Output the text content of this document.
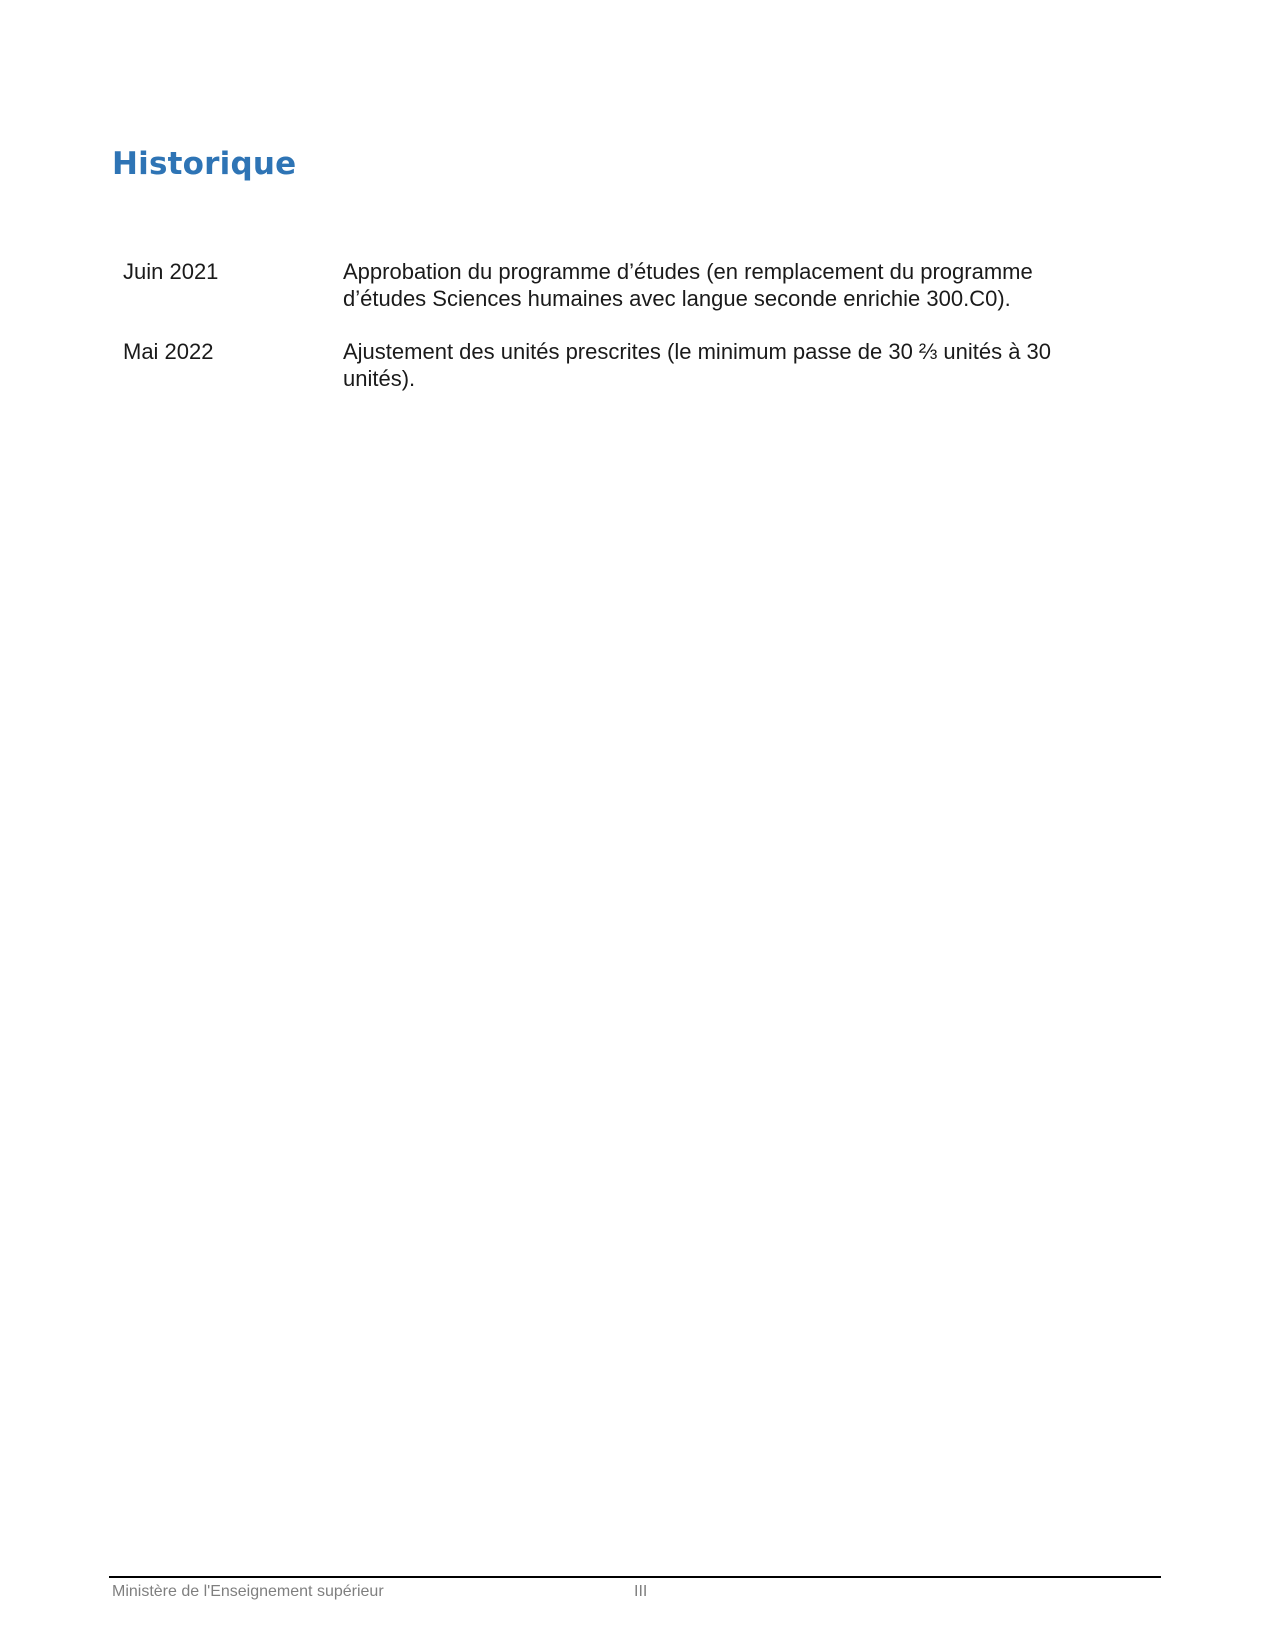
Historique
Juin 2021	Approbation du programme d’études (en remplacement du programme d’études Sciences humaines avec langue seconde enrichie 300.C0).
Mai 2022	Ajustement des unités prescrites (le minimum passe de 30 ⅔ unités à 30 unités).
Ministère de l'Enseignement supérieur	III
